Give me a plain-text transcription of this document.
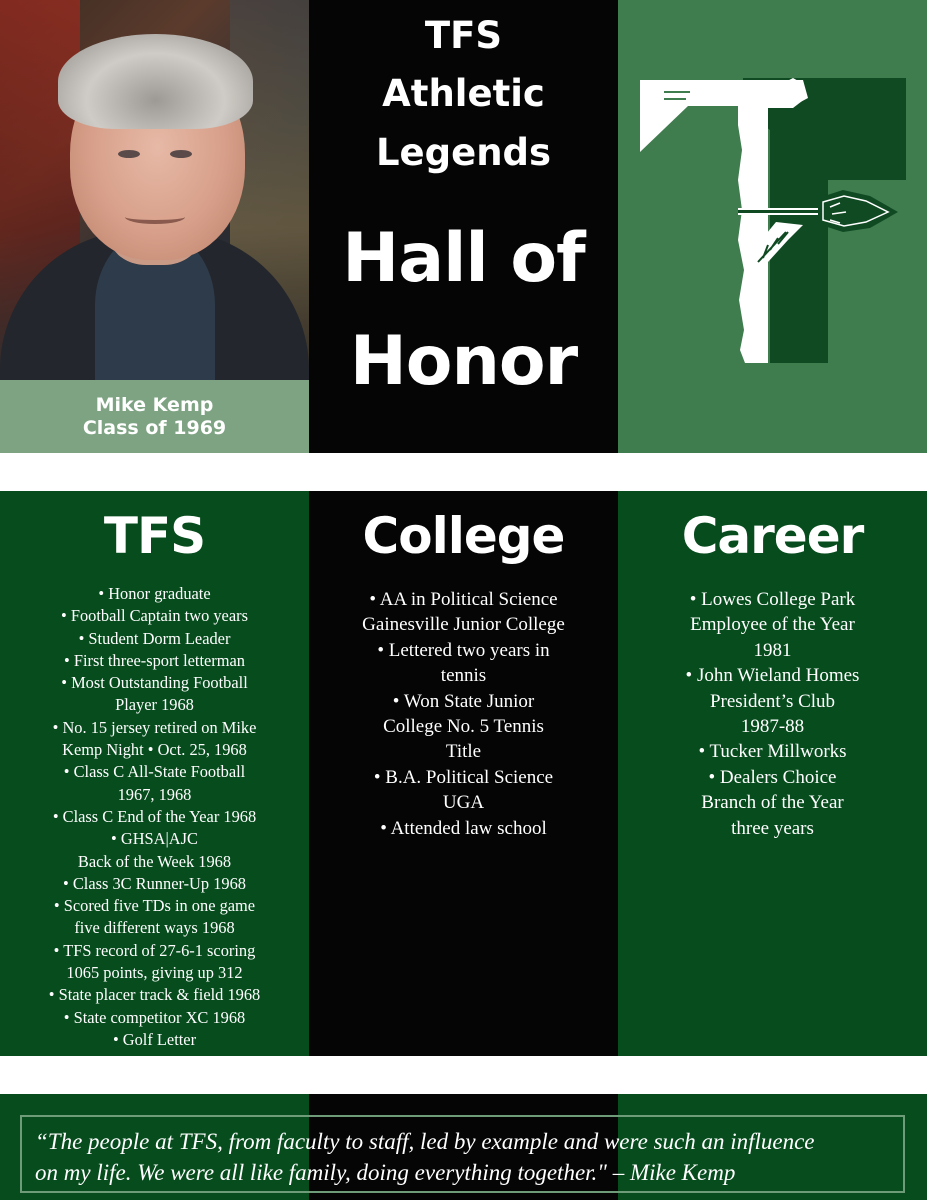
Mike Kemp
Class of 1969
TFS
Athletic
Legends
Hall of
Honor
TFS
• Honor graduate
• Football Captain two years
• Student Dorm Leader
• First three-sport letterman
• Most Outstanding Football
Player 1968
• No. 15 jersey retired on Mike
Kemp Night • Oct. 25, 1968
• Class C All-State Football
1967, 1968
• Class C End of the Year 1968
• GHSA|AJC
Back of the Week 1968
• Class 3C Runner-Up 1968
• Scored five TDs in one game
five different ways 1968
• TFS record of 27-6-1 scoring
1065 points, giving up 312
• State placer track & field 1968
• State competitor XC 1968
• Golf Letter
College
• AA in Political Science
Gainesville Junior College
• Lettered two years in
tennis
• Won State Junior
College No. 5 Tennis
Title
• B.A. Political Science
UGA
• Attended law school
Career
• Lowes College Park
Employee of the Year
1981
• John Wieland Homes
President’s Club
1987-88
• Tucker Millworks
• Dealers Choice
Branch of the Year
three years
“The people at TFS, from faculty to staff, led by example and were such an influence
on my life. We were all like family, doing everything together." – Mike Kemp
